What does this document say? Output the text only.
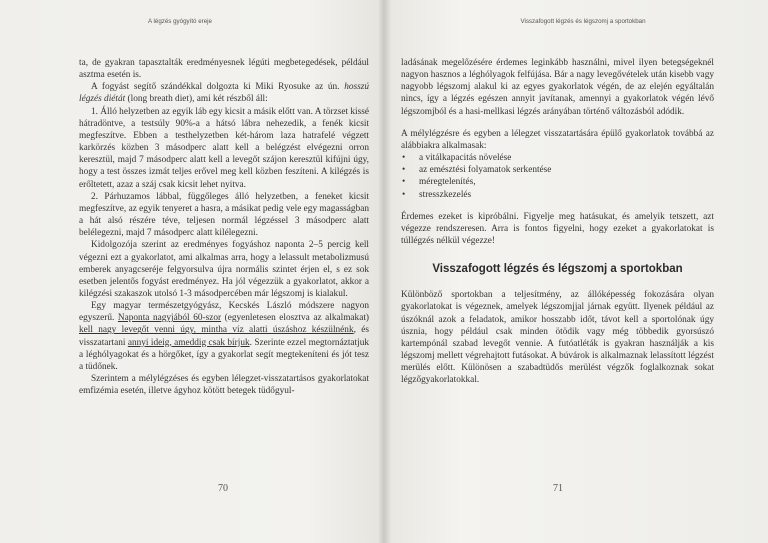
A légzés gyógyító ereje

ta, de gyakran tapasztalták eredményesnek légúti megbetegedések, például asztma esetén is.

A fogyást segítő szándékkal dolgozta ki Miki Ryosuke az ún. hosszú légzés diétát (long breath diet), ami két részből áll:

1. Álló helyzetben az egyik láb egy kicsit a másik előtt van. A törzset kissé hátradöntve, a testsúly 90%-a a hátsó lábra nehezedik, a fenék kicsit megfeszítve. Ebben a testhelyzetben két-három laza hatrafelé végzett karkörzés közben 3 másodperc alatt kell a belégzést elvégezni orron keresztül, majd 7 másodperc alatt kell a levegőt szájon keresztül kifújni úgy, hogy a test összes izmát teljes erővel meg kell közben feszíteni. A kilégzés is erőltetett, azaz a száj csak kicsit lehet nyitva.

2. Párhuzamos lábbal, függőleges álló helyzetben, a feneket kicsit megfeszítve, az egyik tenyeret a hasra, a másikat pedig vele egy magasságban a hát alsó részére téve, teljesen normál légzéssel 3 másodperc alatt belélegezni, majd 7 másodperc alatt kilélegezni.

Kidolgozója szerint az eredményes fogyáshoz naponta 2–5 percig kell végezni ezt a gyakorlatot, ami alkalmas arra, hogy a lelassult metabolizmusú emberek anyagcseréje felgyorsulva újra normális szintet érjen el, s ez sok esetben jelentős fogyást eredményez. Ha jól végezzük a gyakorlatot, akkor a kilégzési szakaszok utolsó 1-3 másodpercében már légszomj is kialakul.

Egy magyar természetgyógyász, Kecskés László módszere nagyon egyszerű. Naponta nagyjából 60-szor (egyenletesen elosztva az alkalmakat) kell nagy levegőt venni úgy, mintha víz alatti úszáshoz készülnénk, és visszatartani annyi ideig, ameddig csak bírjuk. Szerinte ezzel megtornáztatjuk a léghólyagokat és a hörgőket, így a gyakorlat segít megtekeníteni és jót tesz a tüdőnek.

Szerintem a mélylégzéses és egyben lélegzet-visszatartásos gyakorlatokat emfizémia esetén, illetve ágyhoz kötött betegek tüdőgyul-

70
Visszafogott légzés és légszomj a sportokban

ladásának megelőzésére érdemes leginkább használni, mivel ilyen betegségeknél nagyon hasznos a léghólyagok felfújása. Bár a nagy levegővételek után kisebb vagy nagyobb légszomj alakul ki az egyes gyakorlatok végén, de az elején egyáltalán nincs, így a légzés egészen annyit javítanak, amennyi a gyakorlatok végén lévő légszomjból és a hasi-mellkasi légzés arányában történő változásból adódik.

A mélylégzésre és egyben a lélegzet visszatartására épülő gyakorlatok továbbá az alábbiakra alkalmasak:

• a vitálkapacitás növelése
• az emésztési folyamatok serkentése
• méregtelenítés,
• stresszkezelés

Érdemes ezeket is kipróbálni. Figyelje meg hatásukat, és amelyik tetszett, azt végezze rendszeresen. Arra is fontos figyelni, hogy ezeket a gyakorlatokat is túllégzés nélkül végezze!

Visszafogott légzés és légszomj a sportokban

Különböző sportokban a teljesítmény, az állóképesség fokozására olyan gyakorlatokat is végeznek, amelyek légszomjjal járnak együtt. Ilyenek például az úszóknál azok a feladatok, amikor hosszabb időt, távot kell a sportolónak úgy úsznia, hogy például csak minden ötödik vagy még többedik gyorsúszó kartempónál szabad levegőt vennie. A futóatléták is gyakran használják a kis légszomj mellett végrehajtott futásokat. A búvárok is alkalmaznak lelassított légzést merülés előtt. Különösen a szabadtüdős merülést végzők foglalkoznak sokat légzőgyakorlatokkal.

71
